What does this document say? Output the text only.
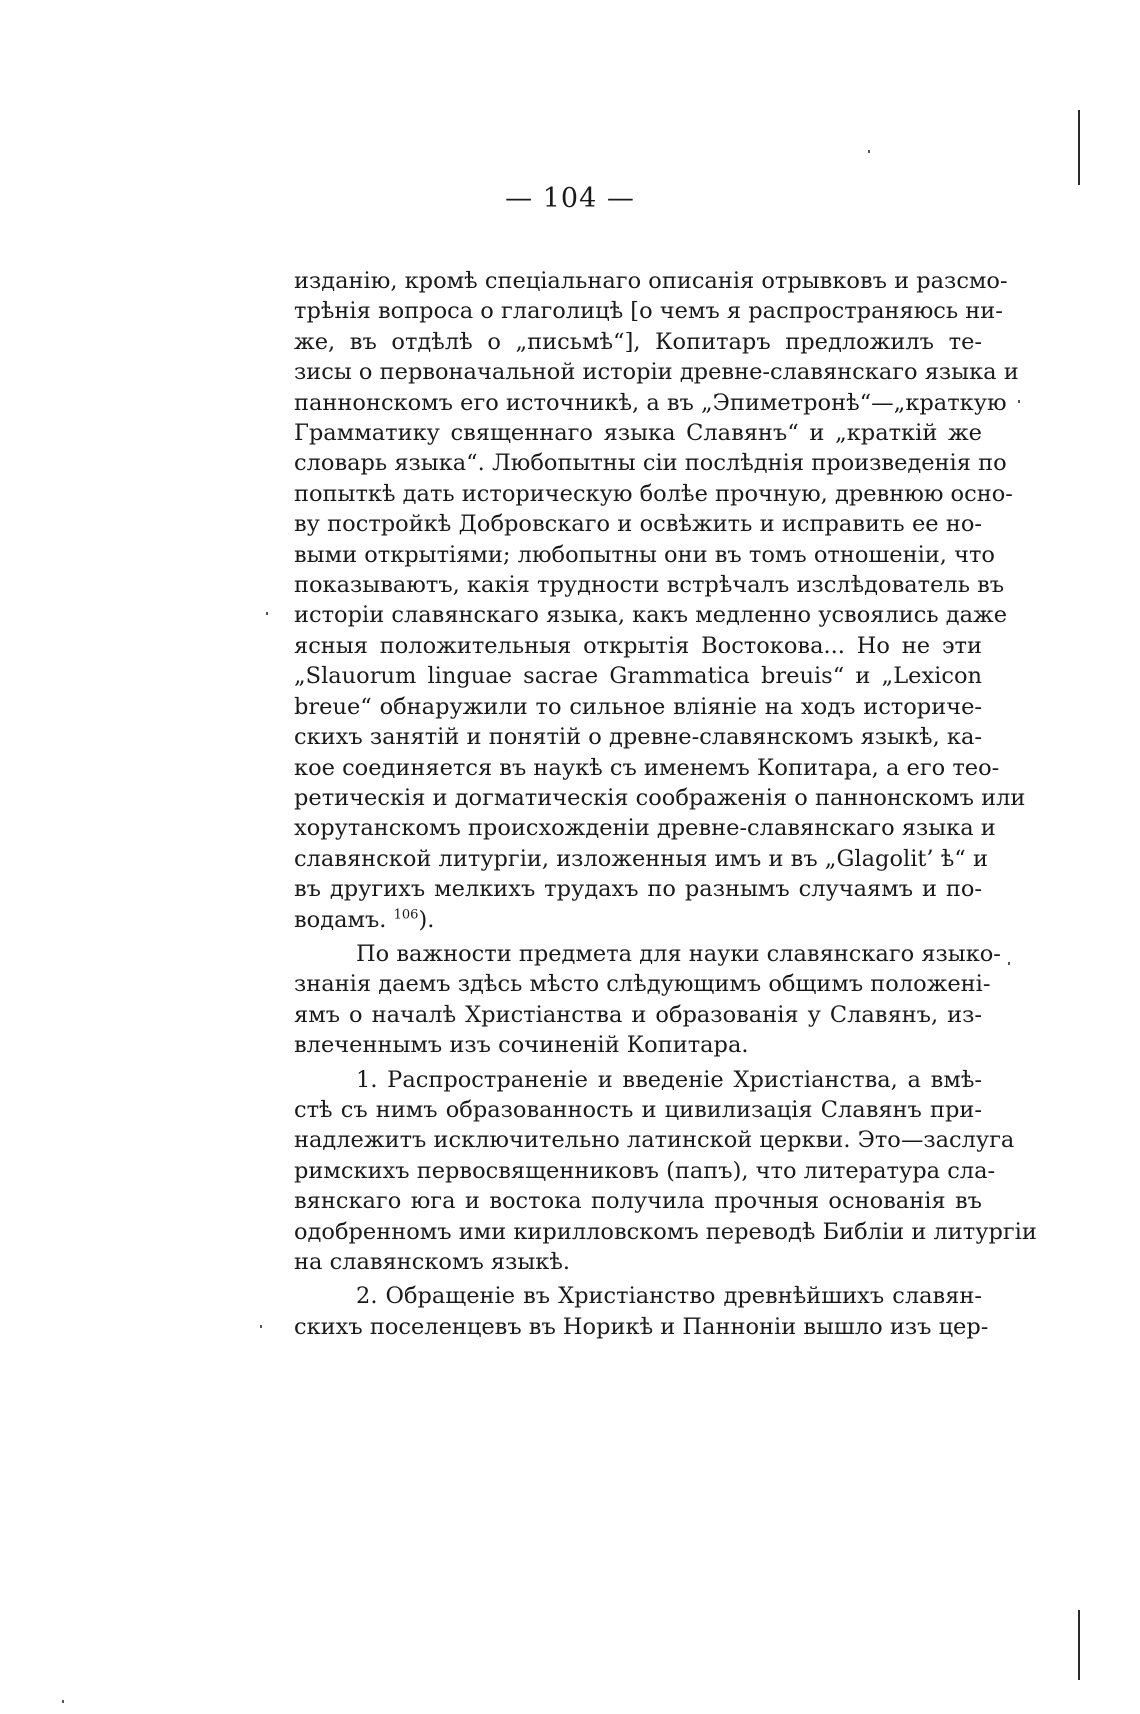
— 104 —
изданію, кромѣ спеціальнаго описанія отрывковъ и разсмо-
трѣнія вопроса о глаголицѣ [о чемъ я распространяюсь ни-
же, въ отдѣлѣ о „письмѣ“], Копитаръ предложилъ те-
зисы о первоначальной исторіи древне-славянскаго языка и
паннонскомъ его источникѣ, а въ „Эпиметронѣ“—„краткую
Грамматику священнаго языка Славянъ“ и „краткій же
словарь языка“. Любопытны сіи послѣднія произведенія по
попыткѣ дать историческую болѣе прочную, древнюю осно-
ву постройкѣ Добровскаго и освѣжить и исправить ее но-
выми открытіями; любопытны они въ томъ отношеніи, что
показываютъ, какія трудности встрѣчалъ изслѣдователь въ
исторіи славянскаго языка, какъ медленно усвоялись даже
ясныя положительныя открытія Востокова... Но не эти
„Slauorum linguae sacrae Grammatica breuis“ и „Lexicon
breue“ обнаружили то сильное вліяніе на ходъ историче-
скихъ занятій и понятій о древне-славянскомъ языкѣ, ка-
кое соединяется въ наукѣ съ именемъ Копитара, а его тео-
ретическія и догматическія соображенія о паннонскомъ или
хорутанскомъ происхожденіи древне-славянскаго языка и
славянской литургіи, изложенныя имъ и въ „Glagolit’ ѣ“ и
въ другихъ мелкихъ трудахъ по разнымъ случаямъ и по-
водамъ. $^{106}$).
По важности предмета для науки славянскаго языко-
знанія даемъ здѣсь мѣсто слѣдующимъ общимъ положені-
ямъ о началѣ Христіанства и образованія у Славянъ, из-
влеченнымъ изъ сочиненій Копитара.
1. Распространеніе и введеніе Христіанства, а вмѣ-
стѣ съ нимъ образованность и цивилизація Славянъ при-
надлежитъ исключительно латинской церкви. Это—заслуга
римскихъ первосвященниковъ (папъ), что литература сла-
вянскаго юга и востока получила прочныя основанія въ
одобренномъ ими кирилловскомъ переводѣ Библіи и литургіи
на славянскомъ языкѣ.
2. Обращеніе въ Христіанство древнѣйшихъ славян-
скихъ поселенцевъ въ Норикѣ и Панноніи вышло изъ цер-
